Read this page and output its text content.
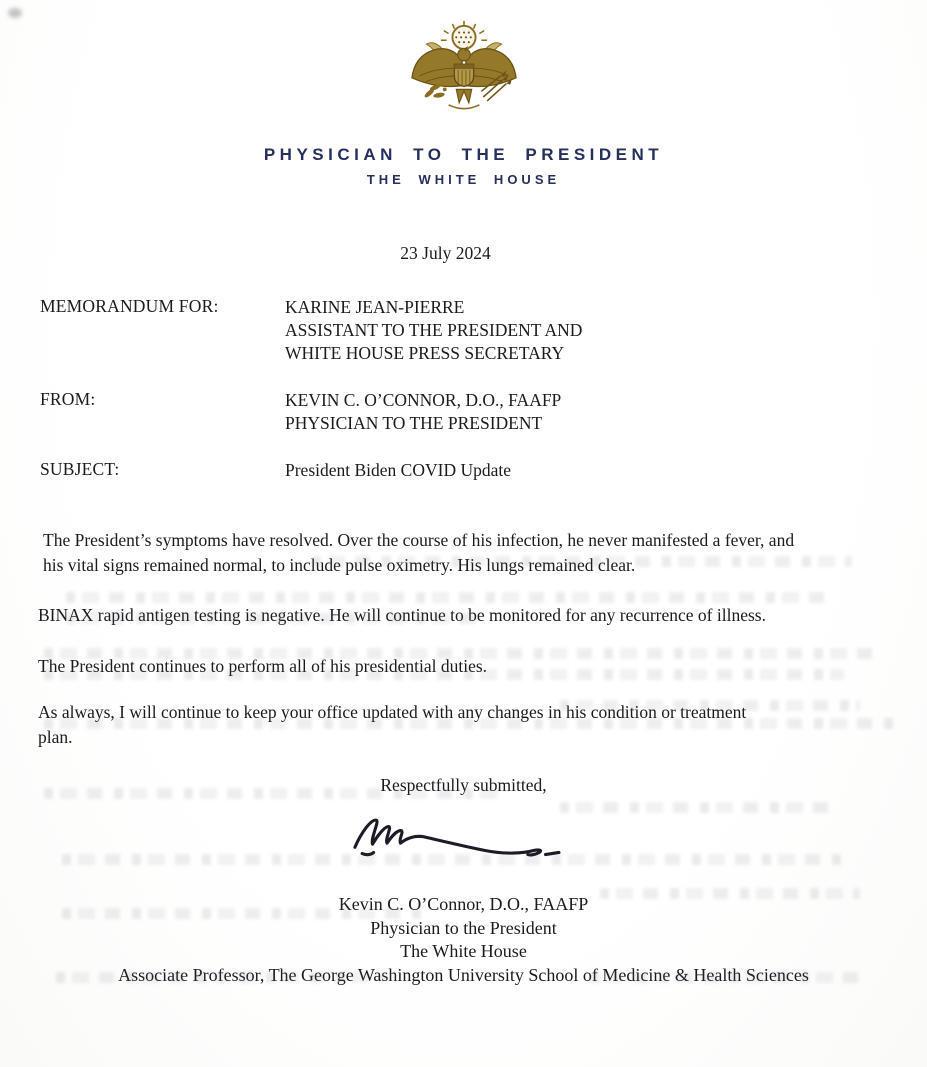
PHYSICIAN TO THE PRESIDENT
THE WHITE HOUSE
23 July 2024
MEMORANDUM FOR:	KARINE JEAN-PIERRE
ASSISTANT TO THE PRESIDENT AND
WHITE HOUSE PRESS SECRETARY
FROM:	KEVIN C. O’CONNOR, D.O., FAAFP
PHYSICIAN TO THE PRESIDENT
SUBJECT:	President Biden COVID Update

The President’s symptoms have resolved. Over the course of his infection, he never manifested a fever, and his vital signs remained normal, to include pulse oximetry. His lungs remained clear.

BINAX rapid antigen testing is negative. He will continue to be monitored for any recurrence of illness.

The President continues to perform all of his presidential duties.

As always, I will continue to keep your office updated with any changes in his condition or treatment plan.

Respectfully submitted,
Kevin C. O’Connor, D.O., FAAFP
Physician to the President
The White House
Associate Professor, The George Washington University School of Medicine & Health Sciences
